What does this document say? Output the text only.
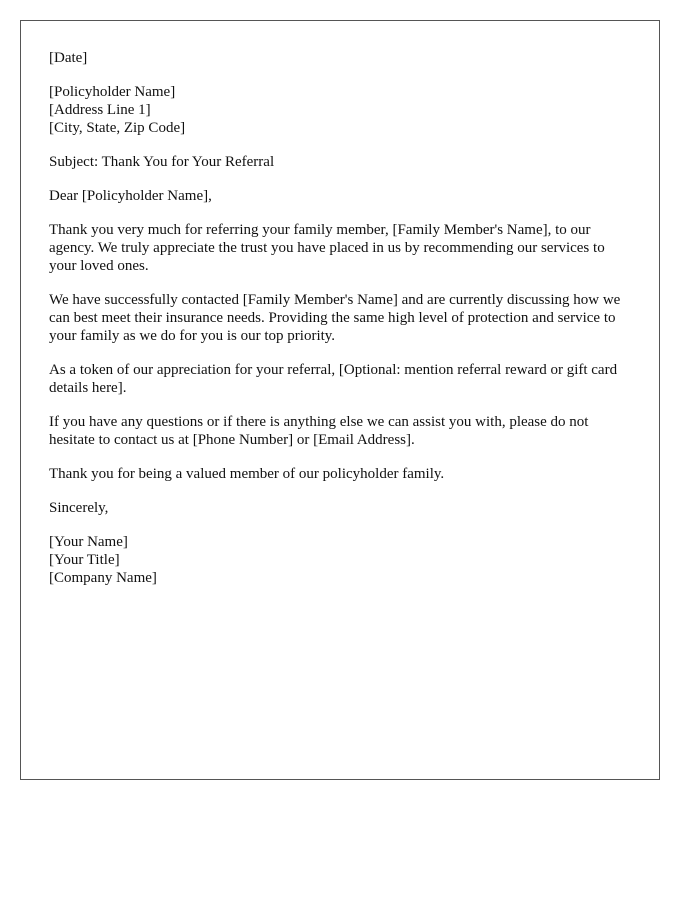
[Date]

[Policyholder Name]
[Address Line 1]
[City, State, Zip Code]

Subject: Thank You for Your Referral

Dear [Policyholder Name],

Thank you very much for referring your family member, [Family Member's Name], to our agency. We truly appreciate the trust you have placed in us by recommending our services to your loved ones.

We have successfully contacted [Family Member's Name] and are currently discussing how we can best meet their insurance needs. Providing the same high level of protection and service to your family as we do for you is our top priority.

As a token of our appreciation for your referral, [Optional: mention referral reward or gift card details here].

If you have any questions or if there is anything else we can assist you with, please do not hesitate to contact us at [Phone Number] or [Email Address].

Thank you for being a valued member of our policyholder family.

Sincerely,

[Your Name]
[Your Title]
[Company Name]
